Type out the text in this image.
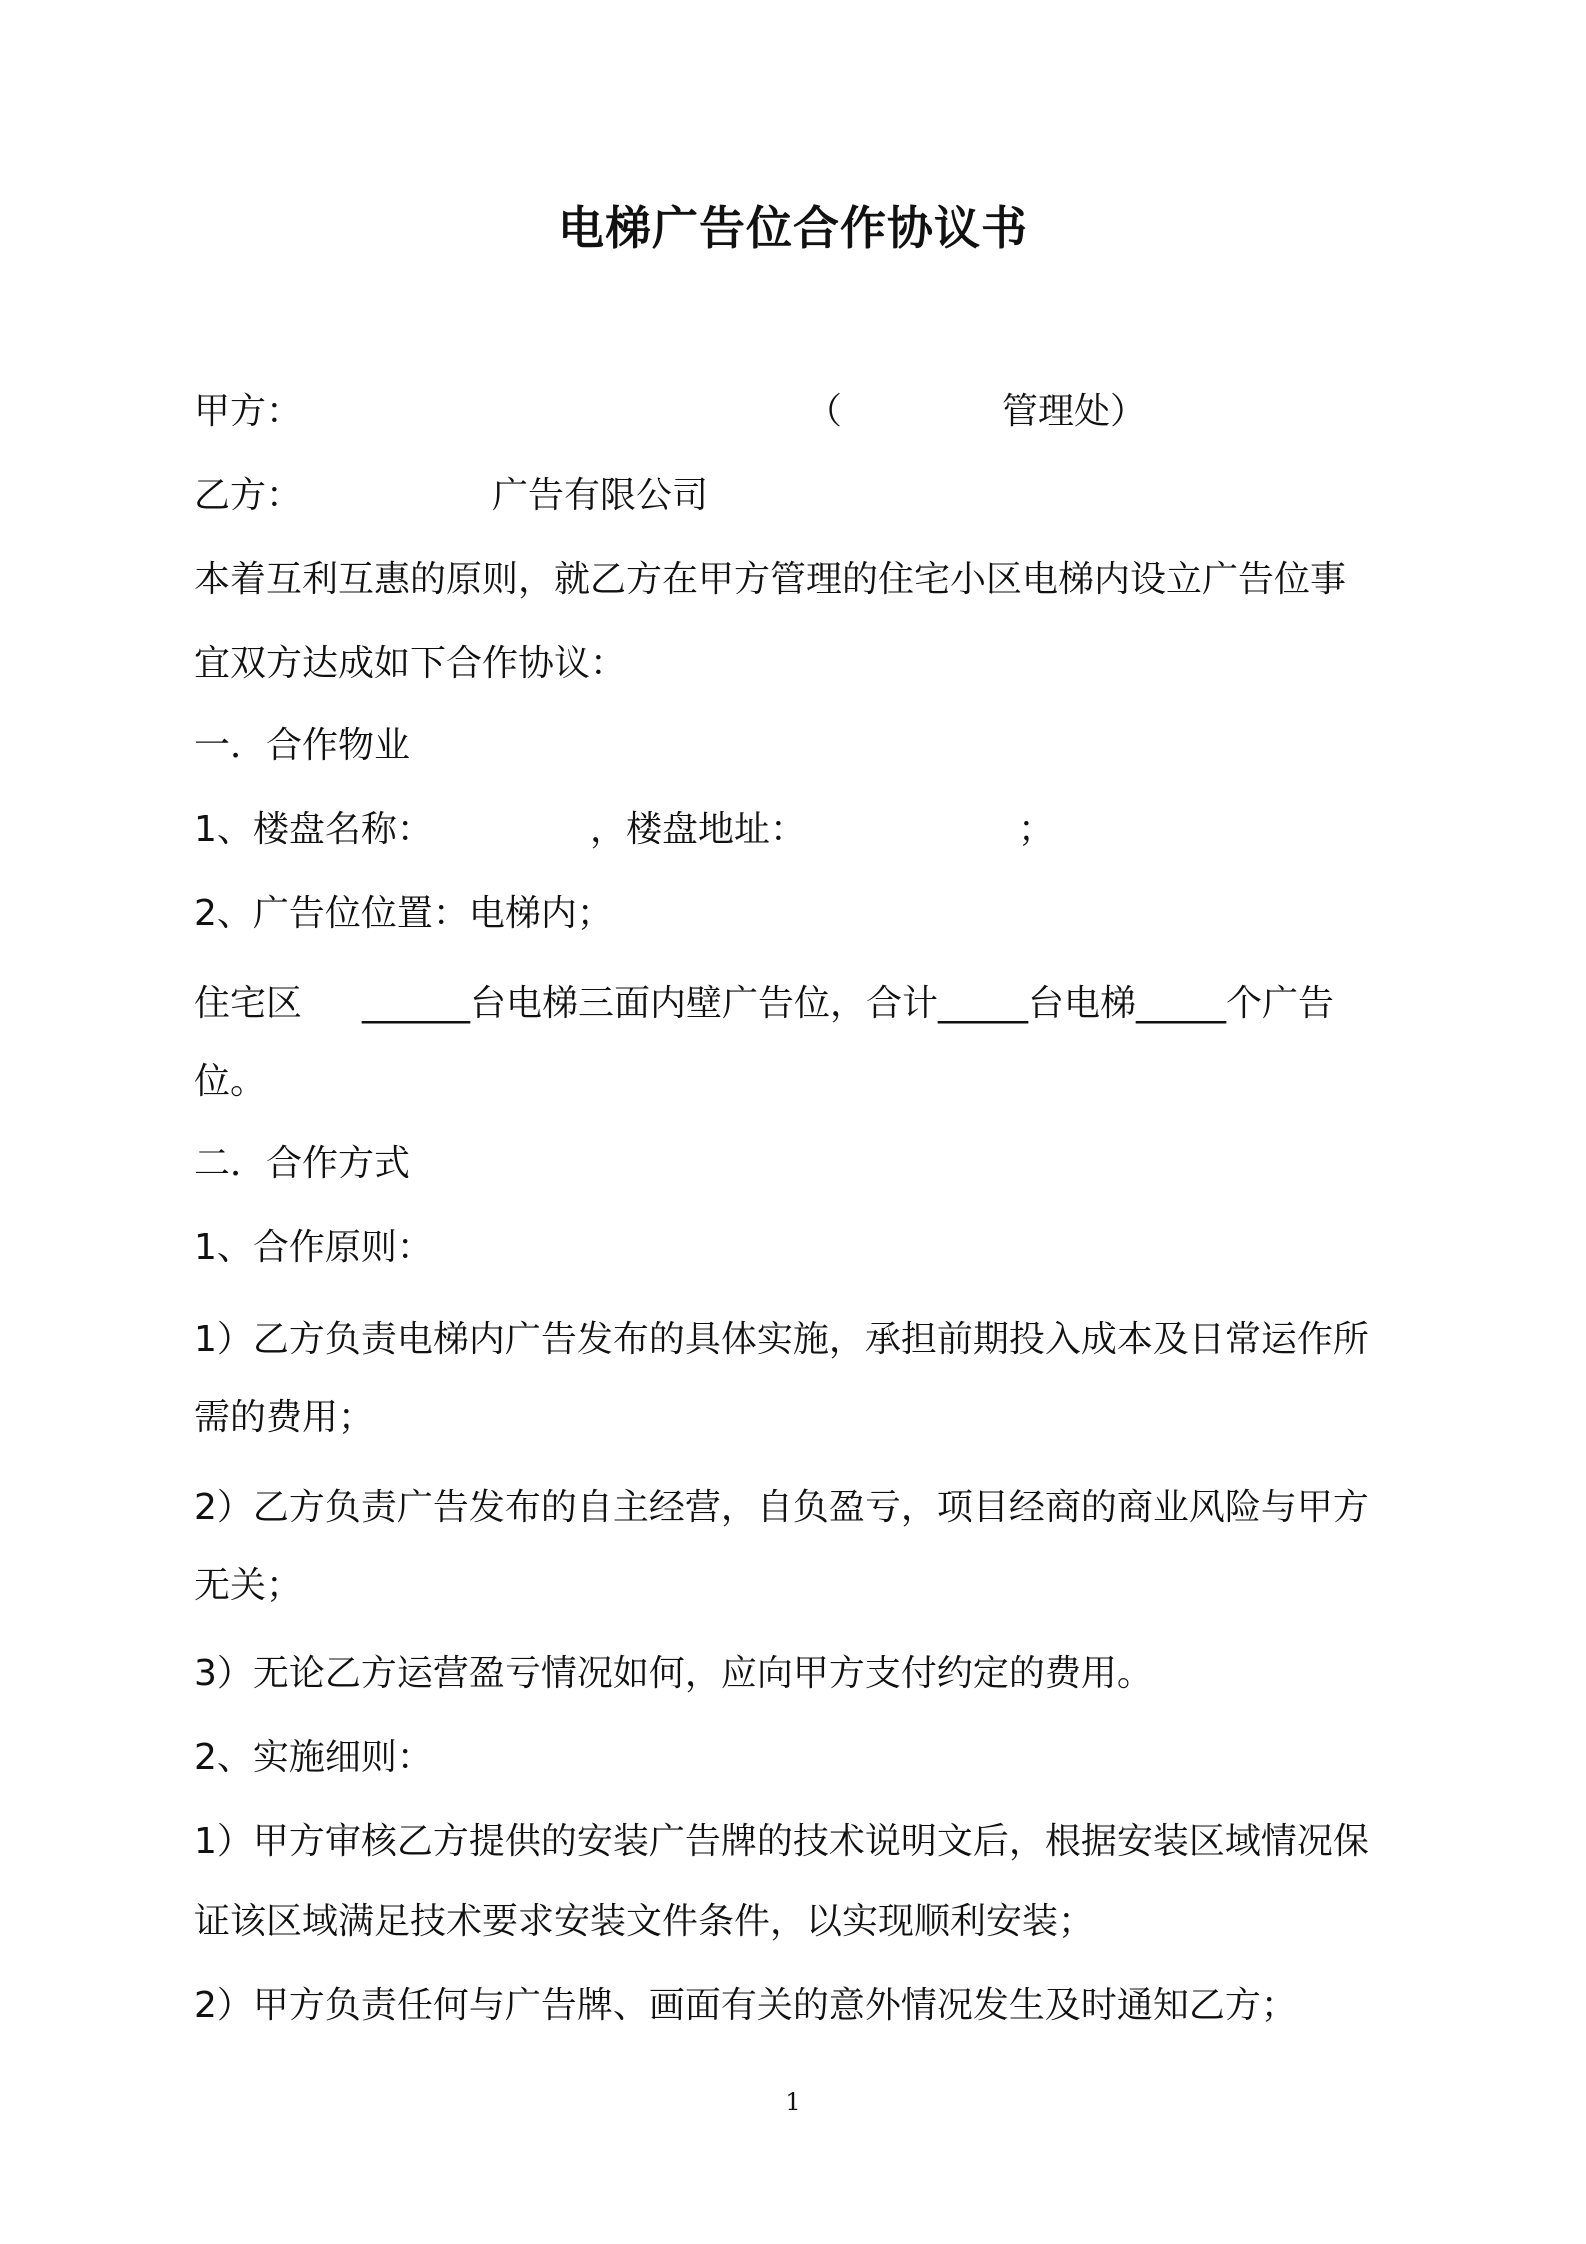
电梯广告位合作协议书
甲方：	（	管理处）
乙方：	广告有限公司
本着互利互惠的原则，就乙方在甲方管理的住宅小区电梯内设立广告位事
宜双方达成如下合作协议：
一．合作物业
1、楼盘名称：	，楼盘地址：	；
2、广告位位置：电梯内；
住宅区 ______台电梯三面内壁广告位，合计_____台电梯_____个广告
位。
二．合作方式
1、合作原则：
1）乙方负责电梯内广告发布的具体实施，承担前期投入成本及日常运作所
需的费用；
2）乙方负责广告发布的自主经营，自负盈亏，项目经商的商业风险与甲方
无关；
3）无论乙方运营盈亏情况如何，应向甲方支付约定的费用。
2、实施细则：
1）甲方审核乙方提供的安装广告牌的技术说明文后，根据安装区域情况保
证该区域满足技术要求安装文件条件，以实现顺利安装；
2）甲方负责任何与广告牌、画面有关的意外情况发生及时通知乙方；
1
